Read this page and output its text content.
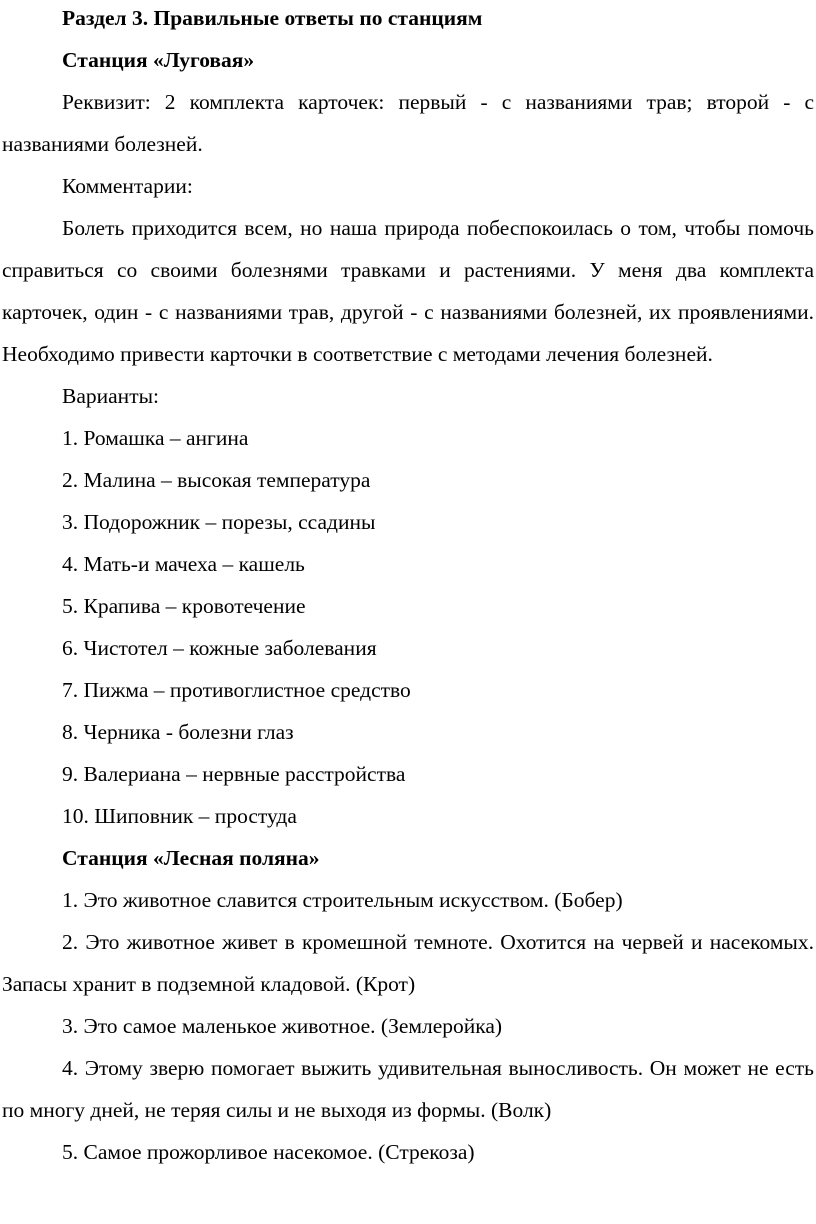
Раздел 3. Правильные ответы по станциям

Станция «Луговая»

Реквизит: 2 комплекта карточек: первый - с названиями трав; второй - с названиями болезней.

Комментарии:

Болеть приходится всем, но наша природа побеспокоилась о том, чтобы помочь справиться со своими болезнями травками и растениями. У меня два комплекта карточек, один - с названиями трав, другой - с названиями болезней, их проявлениями. Необходимо привести карточки в соответствие с методами лечения болезней.

Варианты:

1. Ромашка – ангина

2. Малина – высокая температура

3. Подорожник – порезы, ссадины

4. Мать-и мачеха – кашель

5. Крапива – кровотечение

6. Чистотел – кожные заболевания

7. Пижма – противоглистное средство

8. Черника - болезни глаз

9. Валериана – нервные расстройства

10. Шиповник – простуда

Станция «Лесная поляна»

1. Это животное славится строительным искусством. (Бобер)

2. Это животное живет в кромешной темноте. Охотится на червей и насекомых. Запасы хранит в подземной кладовой. (Крот)

3. Это самое маленькое животное. (Землеройка)

4. Этому зверю помогает выжить удивительная выносливость. Он может не есть по многу дней, не теряя силы и не выходя из формы. (Волк)

5. Самое прожорливое насекомое. (Стрекоза)
